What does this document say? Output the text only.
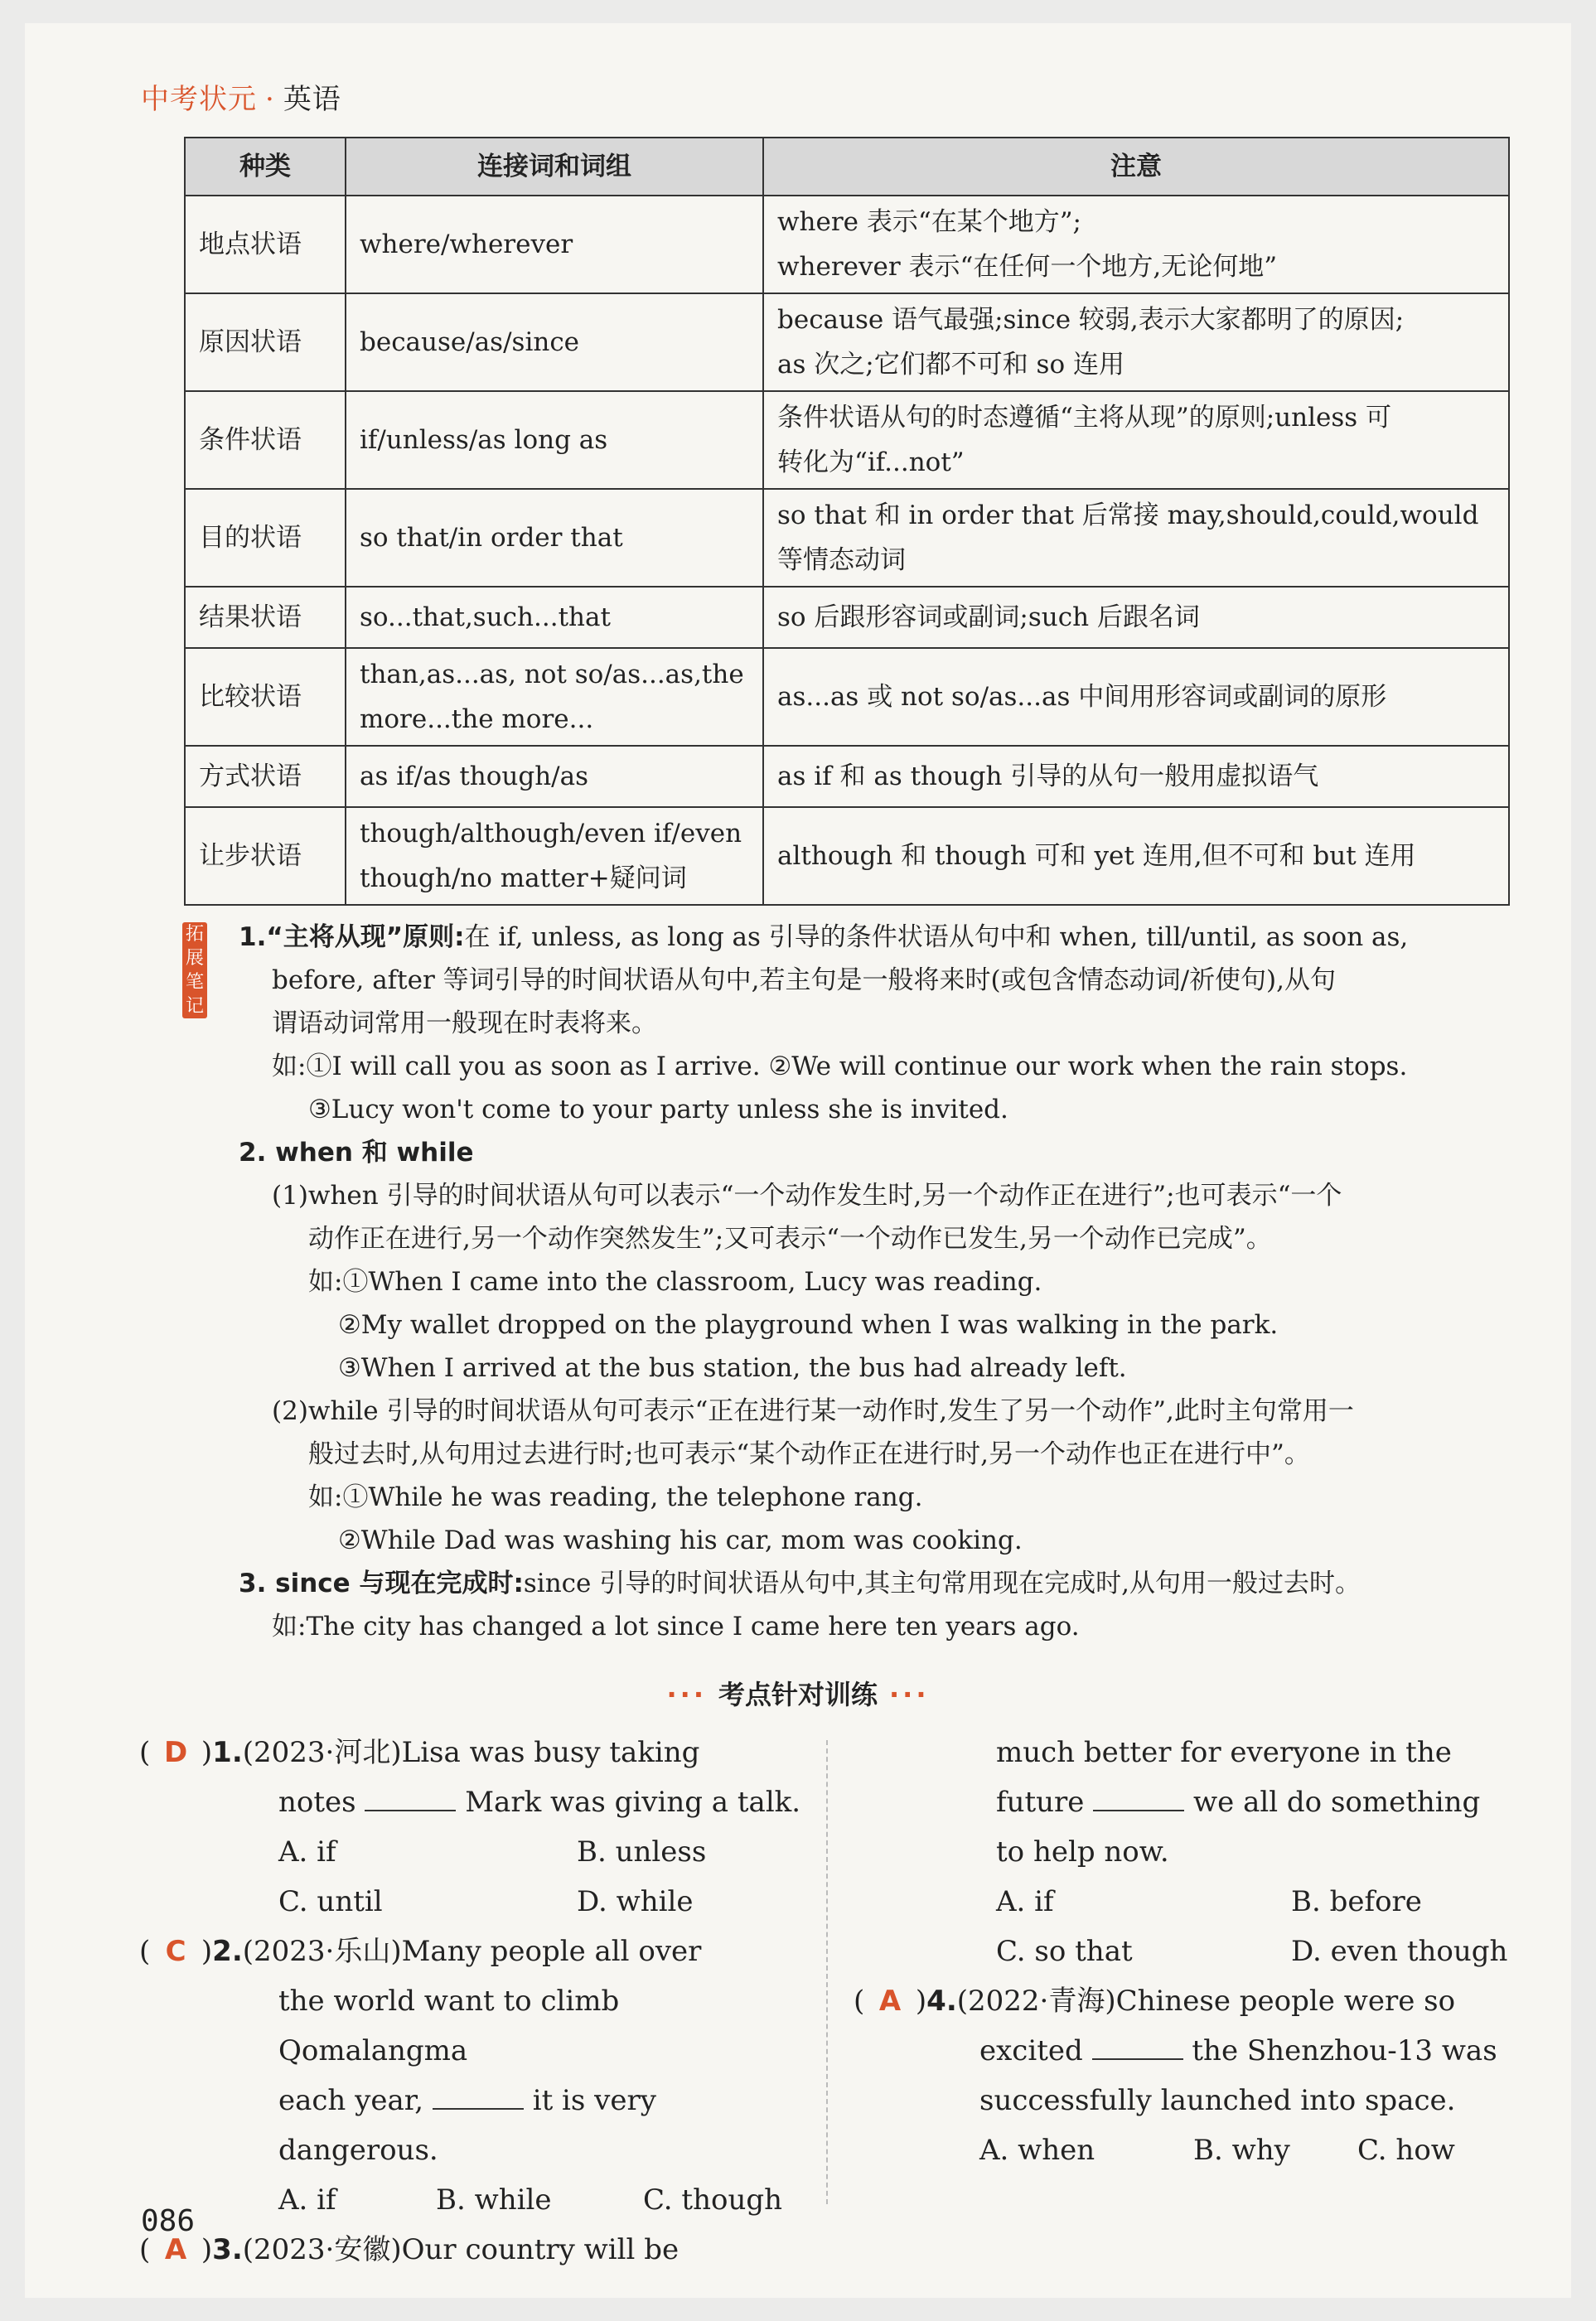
中考状元 · 英语
种类	连接词和词组	注意
地点状语	where/wherever	where 表示“在某个地方”;
wherever 表示“在任何一个地方,无论何地”

原因状语	because/as/since	because 语气最强;since 较弱,表示大家都明了的原因;
as 次之;它们都不可和 so 连用

条件状语	if/unless/as long as	条件状语从句的时态遵循“主将从现”的原则;unless 可
转化为“if...not”

目的状语	so that/in order that	so that 和 in order that 后常接 may,should,could,would
等情态动词

结果状语	so...that,such...that	so 后跟形容词或副词;such 后跟名词
比较状语	than,as...as, not so/as...as,the more...the more...	as...as 或 not so/as...as 中间用形容词或副词的原形
方式状语	as if/as though/as	as if 和 as though 引导的从句一般用虚拟语气
让步状语	though/although/even if/even though/no matter+疑问词	although 和 though 可和 yet 连用,但不可和 but 连用
拓展笔记
1.“主将从现”原则:在 if, unless, as long as 引导的条件状语从句中和 when, till/until, as soon as,
before, after 等词引导的时间状语从句中,若主句是一般将来时(或包含情态动词/祈使句),从句
谓语动词常用一般现在时表将来。
如:①I will call you as soon as I arrive. ②We will continue our work when the rain stops.
③Lucy won't come to your party unless she is invited.
2. when 和 while
(1)when 引导的时间状语从句可以表示“一个动作发生时,另一个动作正在进行”;也可表示“一个
动作正在进行,另一个动作突然发生”;又可表示“一个动作已发生,另一个动作已完成”。
如:①When I came into the classroom, Lucy was reading.
②My wallet dropped on the playground when I was walking in the park.
③When I arrived at the bus station, the bus had already left.
(2)while 引导的时间状语从句可表示“正在进行某一动作时,发生了另一个动作”,此时主句常用一
般过去时,从句用过去进行时;也可表示“某个动作正在进行时,另一个动作也正在进行中”。
如:①While he was reading, the telephone rang.
②While Dad was washing his car, mom was cooking.
3. since 与现在完成时:since 引导的时间状语从句中,其主句常用现在完成时,从句用一般过去时。
如:The city has changed a lot since I came here ten years ago.
··· 考点针对训练 ···
( D )1.(2023·河北)Lisa was busy taking
notes	Mark was giving a talk.
A. if	B. unless
C. until	D. while
( C )2.(2023·乐山)Many people all over
the world want to climb Qomalangma
each year,	it is very dangerous.
A. if	B. while	C. though
( A )3.(2023·安徽)Our country will be
much better for everyone in the
future	we all do something
to help now.
A. if	B. before
C. so that	D. even though
( A )4.(2022·青海)Chinese people were so
excited	the Shenzhou-13 was
successfully launched into space.
A. when	B. why	C. how
086
